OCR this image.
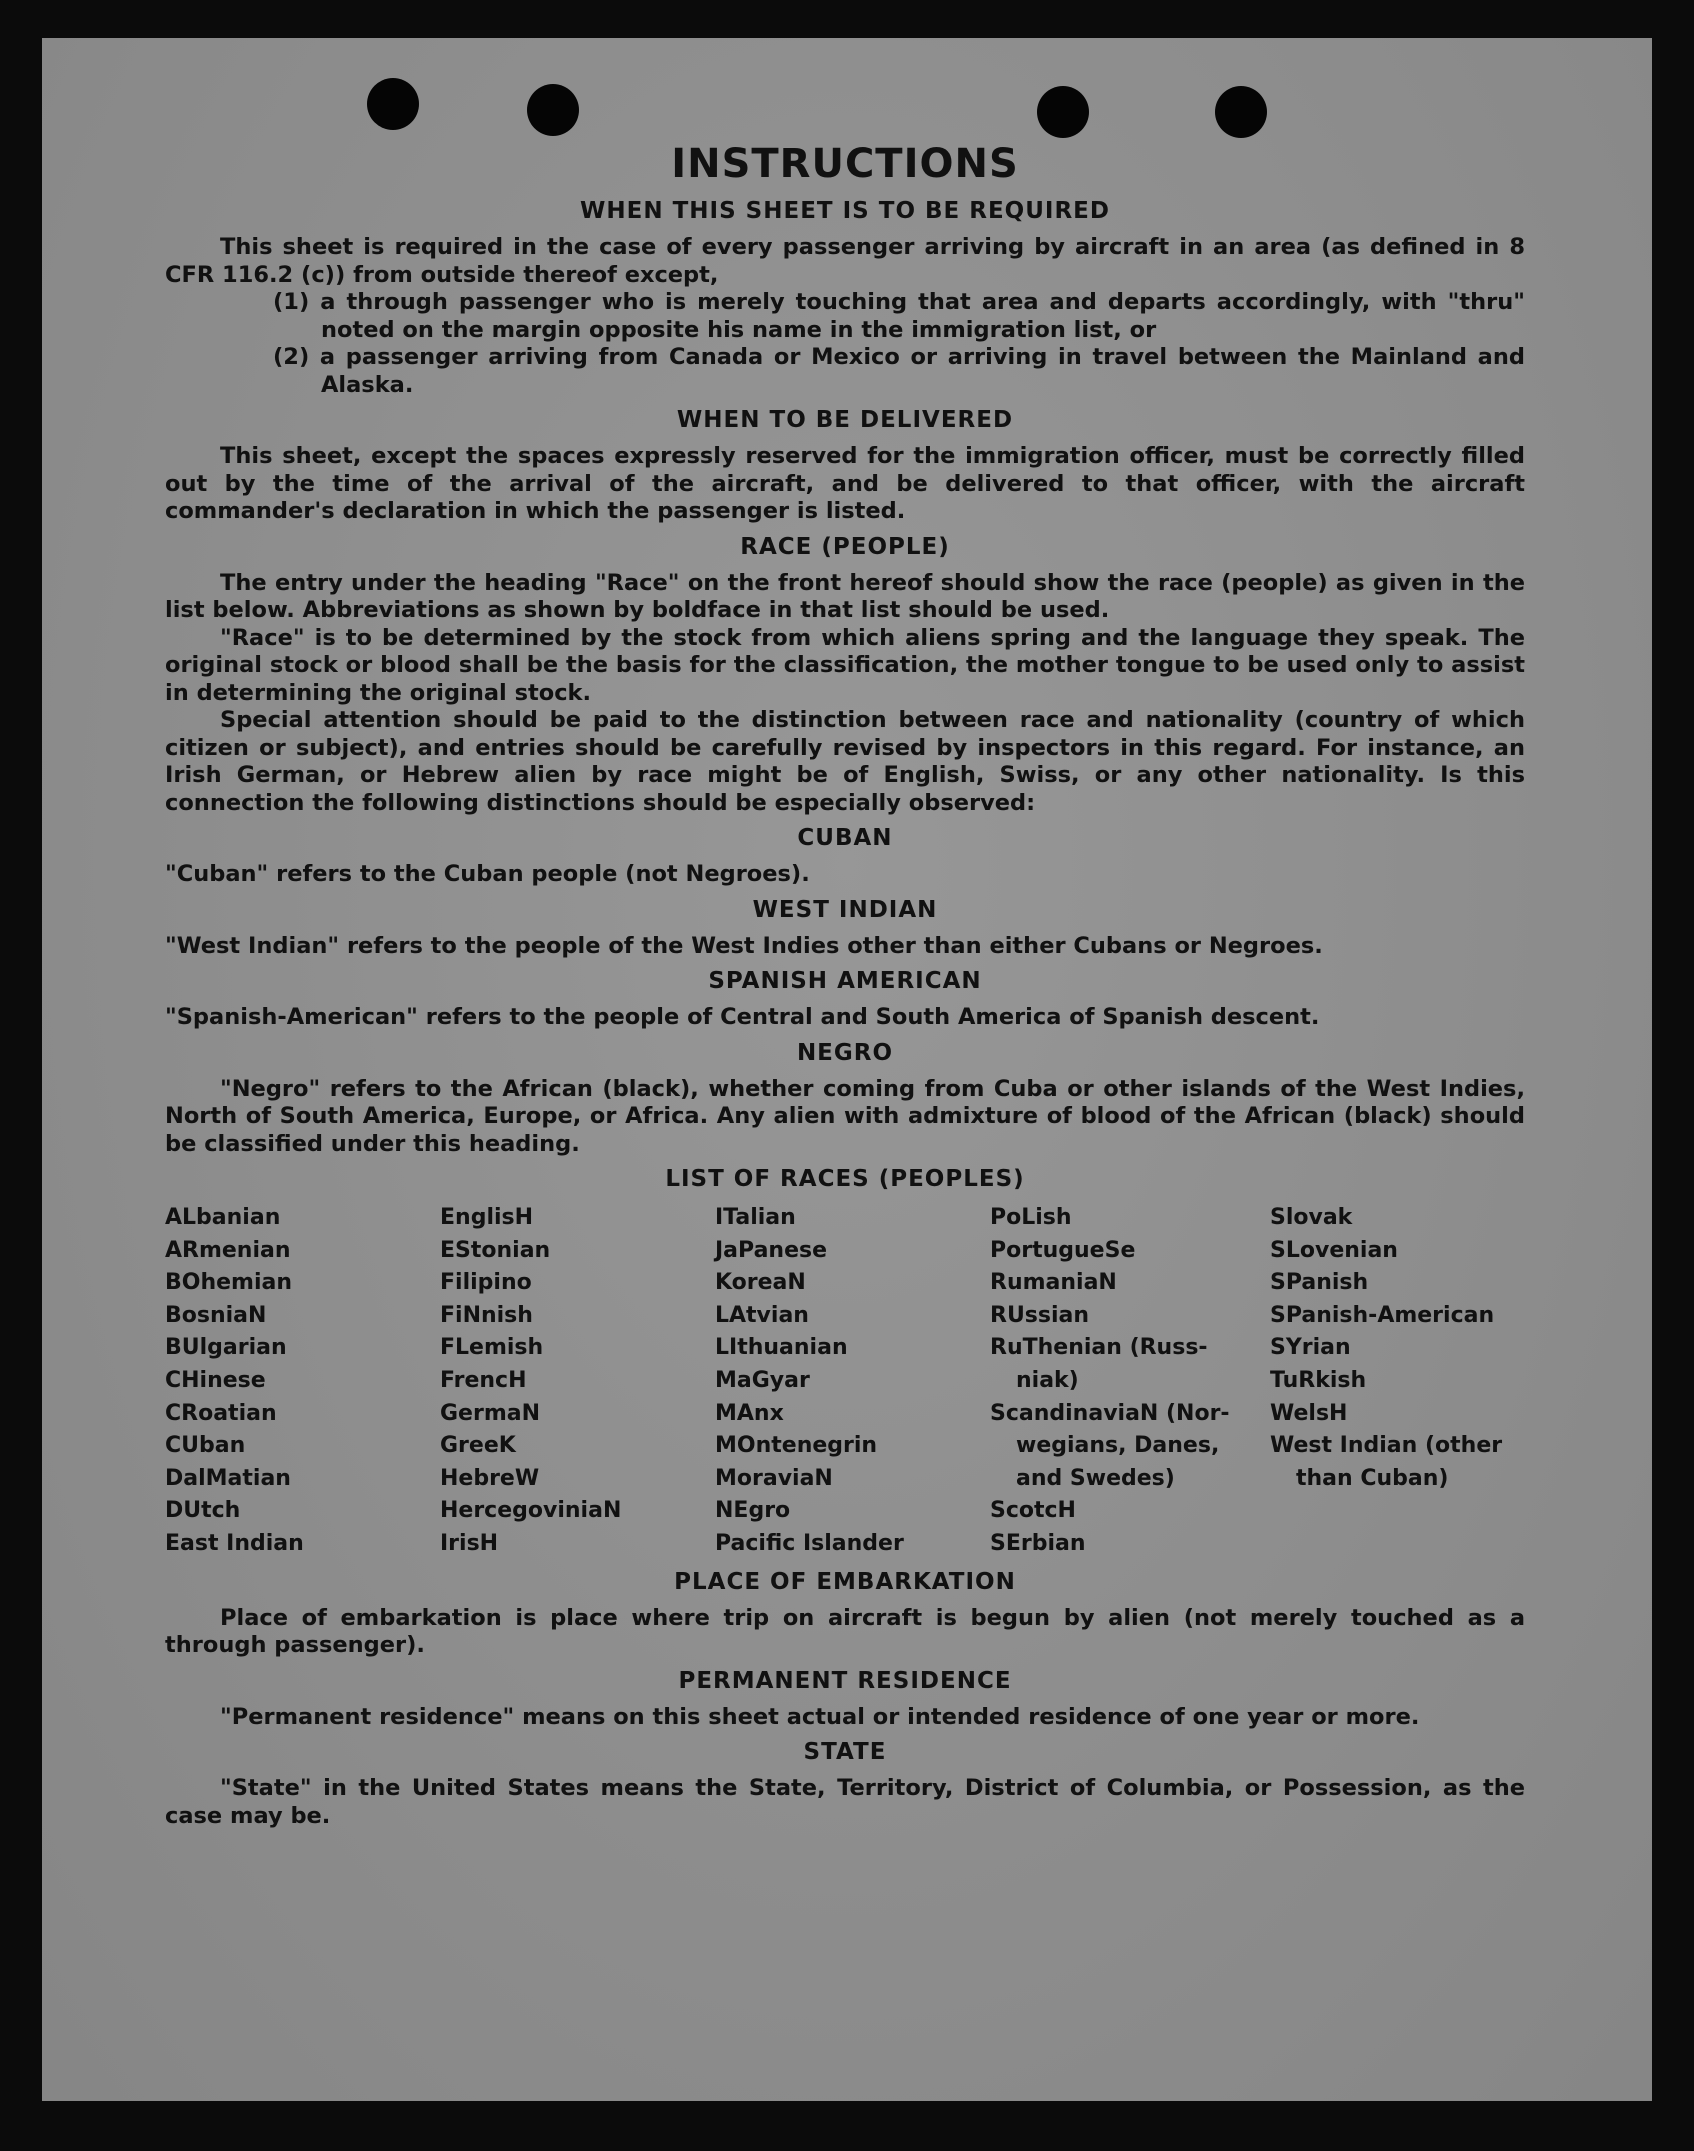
INSTRUCTIONS
WHEN THIS SHEET IS TO BE REQUIRED

This sheet is required in the case of every passenger arriving by aircraft in an area (as defined in 8 CFR 116.2 (c)) from outside thereof except,

(1) a through passenger who is merely touching that area and departs accordingly, with "thru" noted on the margin opposite his name in the immigration list, or
(2) a passenger arriving from Canada or Mexico or arriving in travel between the Mainland and Alaska.
WHEN TO BE DELIVERED

This sheet, except the spaces expressly reserved for the immigration officer, must be correctly filled out by the time of the arrival of the aircraft, and be delivered to that officer, with the aircraft commander's declaration in which the passenger is listed.

RACE (PEOPLE)

The entry under the heading "Race" on the front hereof should show the race (people) as given in the list below. Abbreviations as shown by boldface in that list should be used.

"Race" is to be determined by the stock from which aliens spring and the language they speak. The original stock or blood shall be the basis for the classification, the mother tongue to be used only to assist in determining the original stock.

Special attention should be paid to the distinction between race and nationality (country of which citizen or subject), and entries should be carefully revised by inspectors in this regard. For instance, an Irish German, or Hebrew alien by race might be of English, Swiss, or any other nationality. Is this connection the following distinctions should be especially observed:

CUBAN

"Cuban" refers to the Cuban people (not Negroes).

WEST INDIAN

"West Indian" refers to the people of the West Indies other than either Cubans or Negroes.

SPANISH AMERICAN

"Spanish-American" refers to the people of Central and South America of Spanish descent.

NEGRO

"Negro" refers to the African (black), whether coming from Cuba or other islands of the West Indies, North of South America, Europe, or Africa. Any alien with admixture of blood of the African (black) should be classified under this heading.

LIST OF RACES (PEOPLES)
ALbanian
ARmenian
BOhemian
BosniaN
BUlgarian
CHinese
CRoatian
CUban
DalMatian
DUtch
East Indian
EnglisH
EStonian
Filipino
FiNnish
FLemish
FrencH
GermaN
GreeK
HebreW
HercegoviniaN
IrisH
ITalian
JaPanese
KoreaN
LAtvian
LIthuanian
MaGyar
MAnx
MOntenegrin
MoraviaN
NEgro
Pacific Islander
PoLish
PortugueSe
RumaniaN
RUssian
RuThenian (Russ-
niak)
ScandinaviaN (Nor-
wegians, Danes,
and Swedes)
ScotcH
SErbian
Slovak
SLovenian
SPanish
SPanish-American
SYrian
TuRkish
WelsH
West Indian (other
than Cuban)
PLACE OF EMBARKATION

Place of embarkation is place where trip on aircraft is begun by alien (not merely touched as a through passenger).

PERMANENT RESIDENCE

"Permanent residence" means on this sheet actual or intended residence of one year or more.

STATE

"State" in the United States means the State, Territory, District of Columbia, or Possession, as the case may be.
